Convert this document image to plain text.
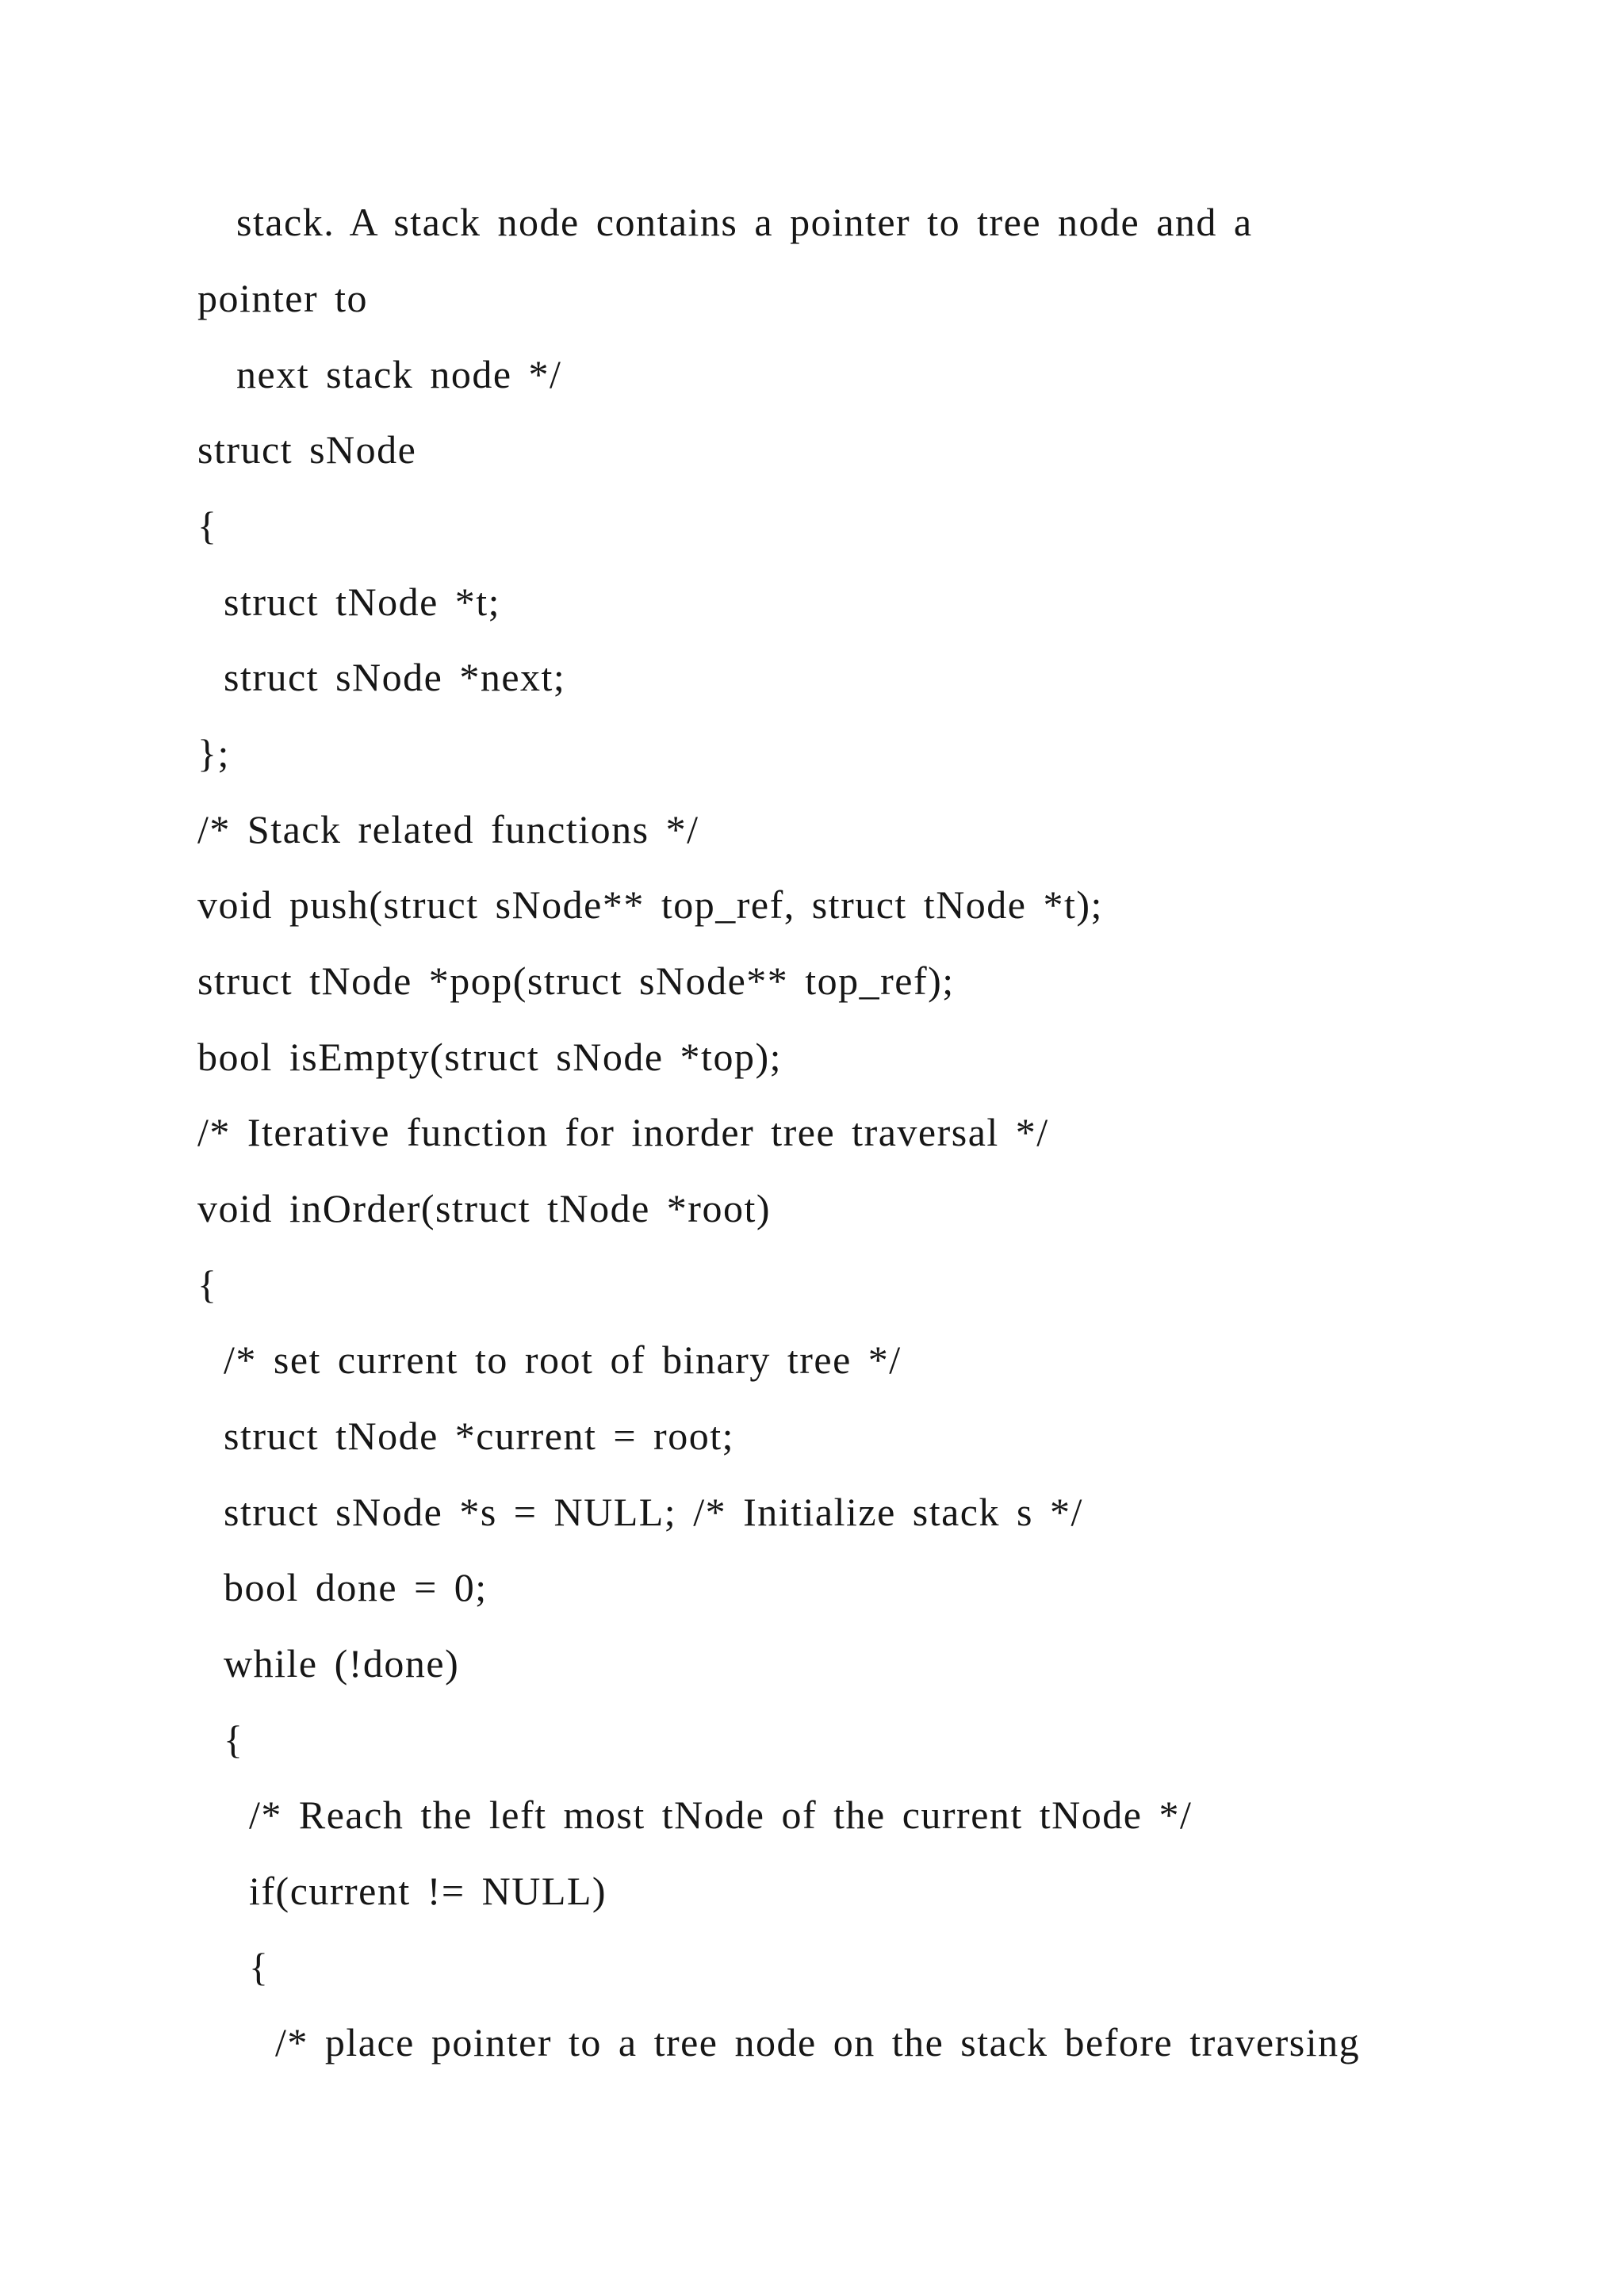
stack. A stack node contains a pointer to tree node and a

pointer to

next stack node */

struct sNode

{

struct tNode *t;

struct sNode *next;

};

/* Stack related functions */

void push(struct sNode** top_ref, struct tNode *t);

struct tNode *pop(struct sNode** top_ref);

bool isEmpty(struct sNode *top);

/* Iterative function for inorder tree traversal */

void inOrder(struct tNode *root)

{

/* set current to root of binary tree */

struct tNode *current = root;

struct sNode *s = NULL; /* Initialize stack s */

bool done = 0;

while (!done)

{

/* Reach the left most tNode of the current tNode */

if(current != NULL)

{

/* place pointer to a tree node on the stack before traversing
